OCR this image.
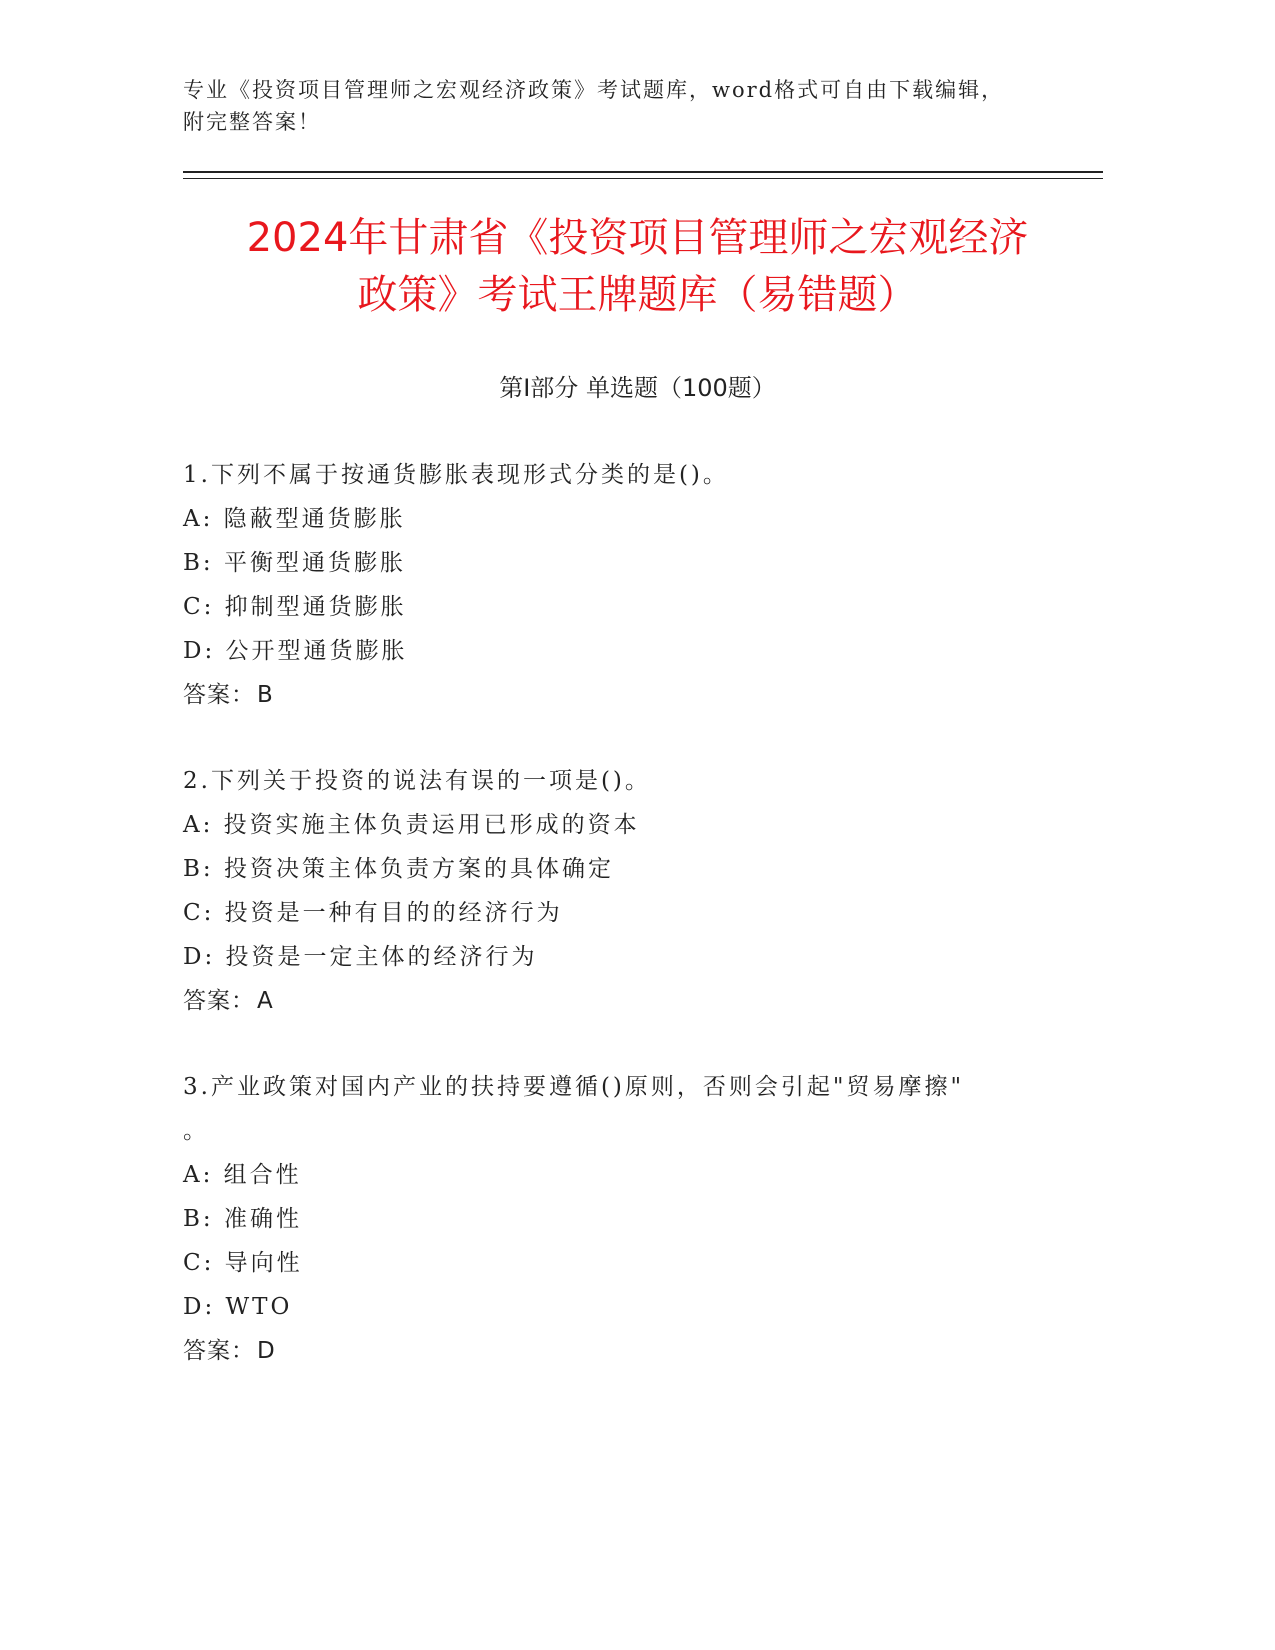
专业《投资项目管理师之宏观经济政策》考试题库，word格式可自由下载编辑，
附完整答案！
2024年甘肃省《投资项目管理师之宏观经济
政策》考试王牌题库（易错题）
第Ⅰ部分 单选题（100题）
1.下列不属于按通货膨胀表现形式分类的是()。
A: 隐蔽型通货膨胀
B: 平衡型通货膨胀
C: 抑制型通货膨胀
D: 公开型通货膨胀
答案：B
2.下列关于投资的说法有误的一项是()。
A: 投资实施主体负责运用已形成的资本
B: 投资决策主体负责方案的具体确定
C: 投资是一种有目的的经济行为
D: 投资是一定主体的经济行为
答案：A
3.产业政策对国内产业的扶持要遵循()原则，否则会引起"贸易摩擦"
。
A: 组合性
B: 准确性
C: 导向性
D: WTO
答案：D
